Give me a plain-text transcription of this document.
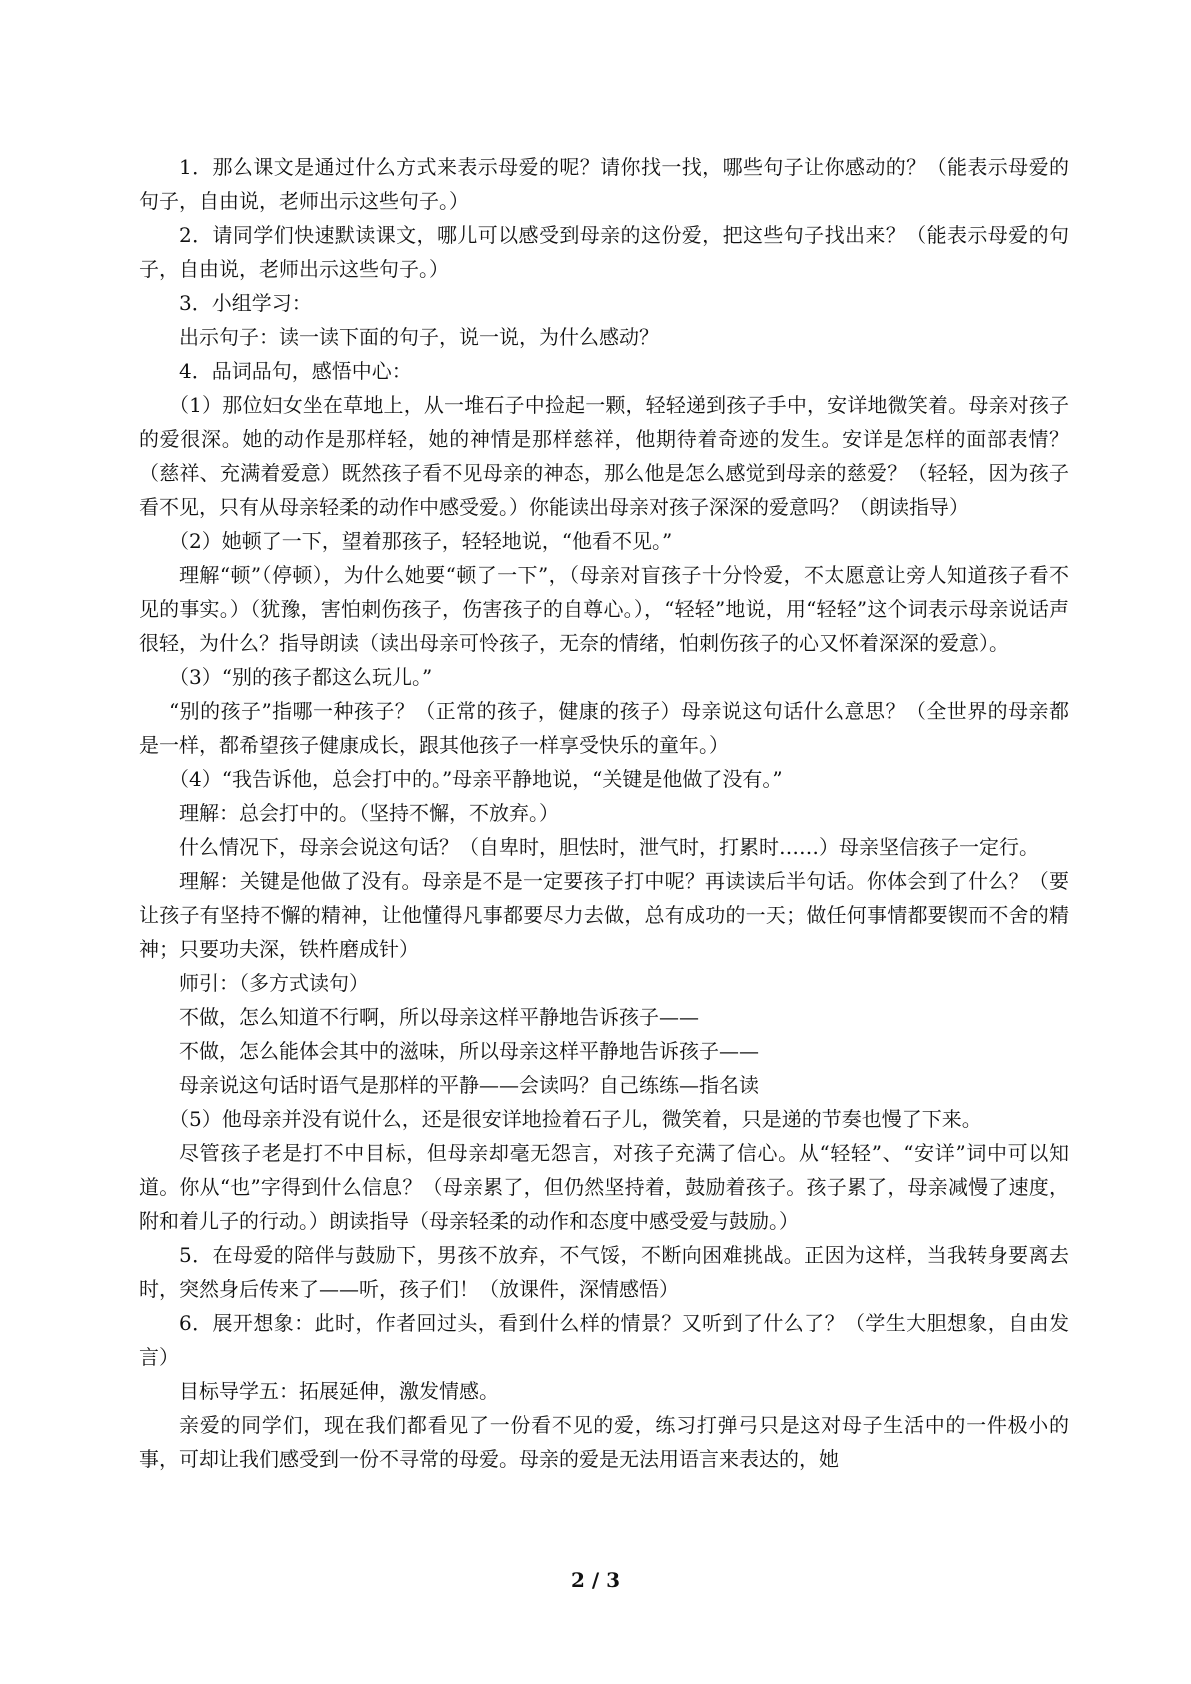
1．那么课文是通过什么方式来表示母爱的呢？请你找一找，哪些句子让你感动的？（能表示母爱的句子，自由说，老师出示这些句子。）

2．请同学们快速默读课文，哪儿可以感受到母亲的这份爱，把这些句子找出来？（能表示母爱的句子，自由说，老师出示这些句子。）

3．小组学习：

出示句子：读一读下面的句子，说一说，为什么感动？

4．品词品句，感悟中心：

（1）那位妇女坐在草地上，从一堆石子中捡起一颗，轻轻递到孩子手中，安详地微笑着。母亲对孩子的爱很深。她的动作是那样轻，她的神情是那样慈祥，他期待着奇迹的发生。安详是怎样的面部表情？（慈祥、充满着爱意）既然孩子看不见母亲的神态，那么他是怎么感觉到母亲的慈爱？（轻轻，因为孩子看不见，只有从母亲轻柔的动作中感受爱。）你能读出母亲对孩子深深的爱意吗？（朗读指导）

（2）她顿了一下，望着那孩子，轻轻地说，“他看不见。”

理解“顿”（停顿），为什么她要“顿了一下”，（母亲对盲孩子十分怜爱，不太愿意让旁人知道孩子看不见的事实。）（犹豫，害怕刺伤孩子，伤害孩子的自尊心。），“轻轻”地说，用“轻轻”这个词表示母亲说话声很轻，为什么？指导朗读（读出母亲可怜孩子，无奈的情绪，怕刺伤孩子的心又怀着深深的爱意）。

（3）“别的孩子都这么玩儿。”

“别的孩子”指哪一种孩子？（正常的孩子，健康的孩子）母亲说这句话什么意思？（全世界的母亲都是一样，都希望孩子健康成长，跟其他孩子一样享受快乐的童年。）

（4）“我告诉他，总会打中的。”母亲平静地说，“关键是他做了没有。”

理解：总会打中的。（坚持不懈，不放弃。）

什么情况下，母亲会说这句话？（自卑时，胆怯时，泄气时，打累时……）母亲坚信孩子一定行。

理解：关键是他做了没有。母亲是不是一定要孩子打中呢？再读读后半句话。你体会到了什么？（要让孩子有坚持不懈的精神，让他懂得凡事都要尽力去做，总有成功的一天；做任何事情都要锲而不舍的精神；只要功夫深，铁杵磨成针）

师引：（多方式读句）

不做，怎么知道不行啊，所以母亲这样平静地告诉孩子——

不做，怎么能体会其中的滋味，所以母亲这样平静地告诉孩子——

母亲说这句话时语气是那样的平静——会读吗？自己练练—指名读

（5）他母亲并没有说什么，还是很安详地捡着石子儿，微笑着，只是递的节奏也慢了下来。

尽管孩子老是打不中目标，但母亲却毫无怨言，对孩子充满了信心。从“轻轻”、“安详”词中可以知道。你从“也”字得到什么信息？（母亲累了，但仍然坚持着，鼓励着孩子。孩子累了，母亲减慢了速度，附和着儿子的行动。）朗读指导（母亲轻柔的动作和态度中感受爱与鼓励。）

5．在母爱的陪伴与鼓励下，男孩不放弃，不气馁，不断向困难挑战。正因为这样，当我转身要离去时，突然身后传来了——听，孩子们！（放课件，深情感悟）

6．展开想象：此时，作者回过头，看到什么样的情景？又听到了什么了？（学生大胆想象，自由发言）

目标导学五：拓展延伸，激发情感。

亲爱的同学们，现在我们都看见了一份看不见的爱，练习打弹弓只是这对母子生活中的一件极小的事，可却让我们感受到一份不寻常的母爱。母亲的爱是无法用语言来表达的，她

2 / 3
